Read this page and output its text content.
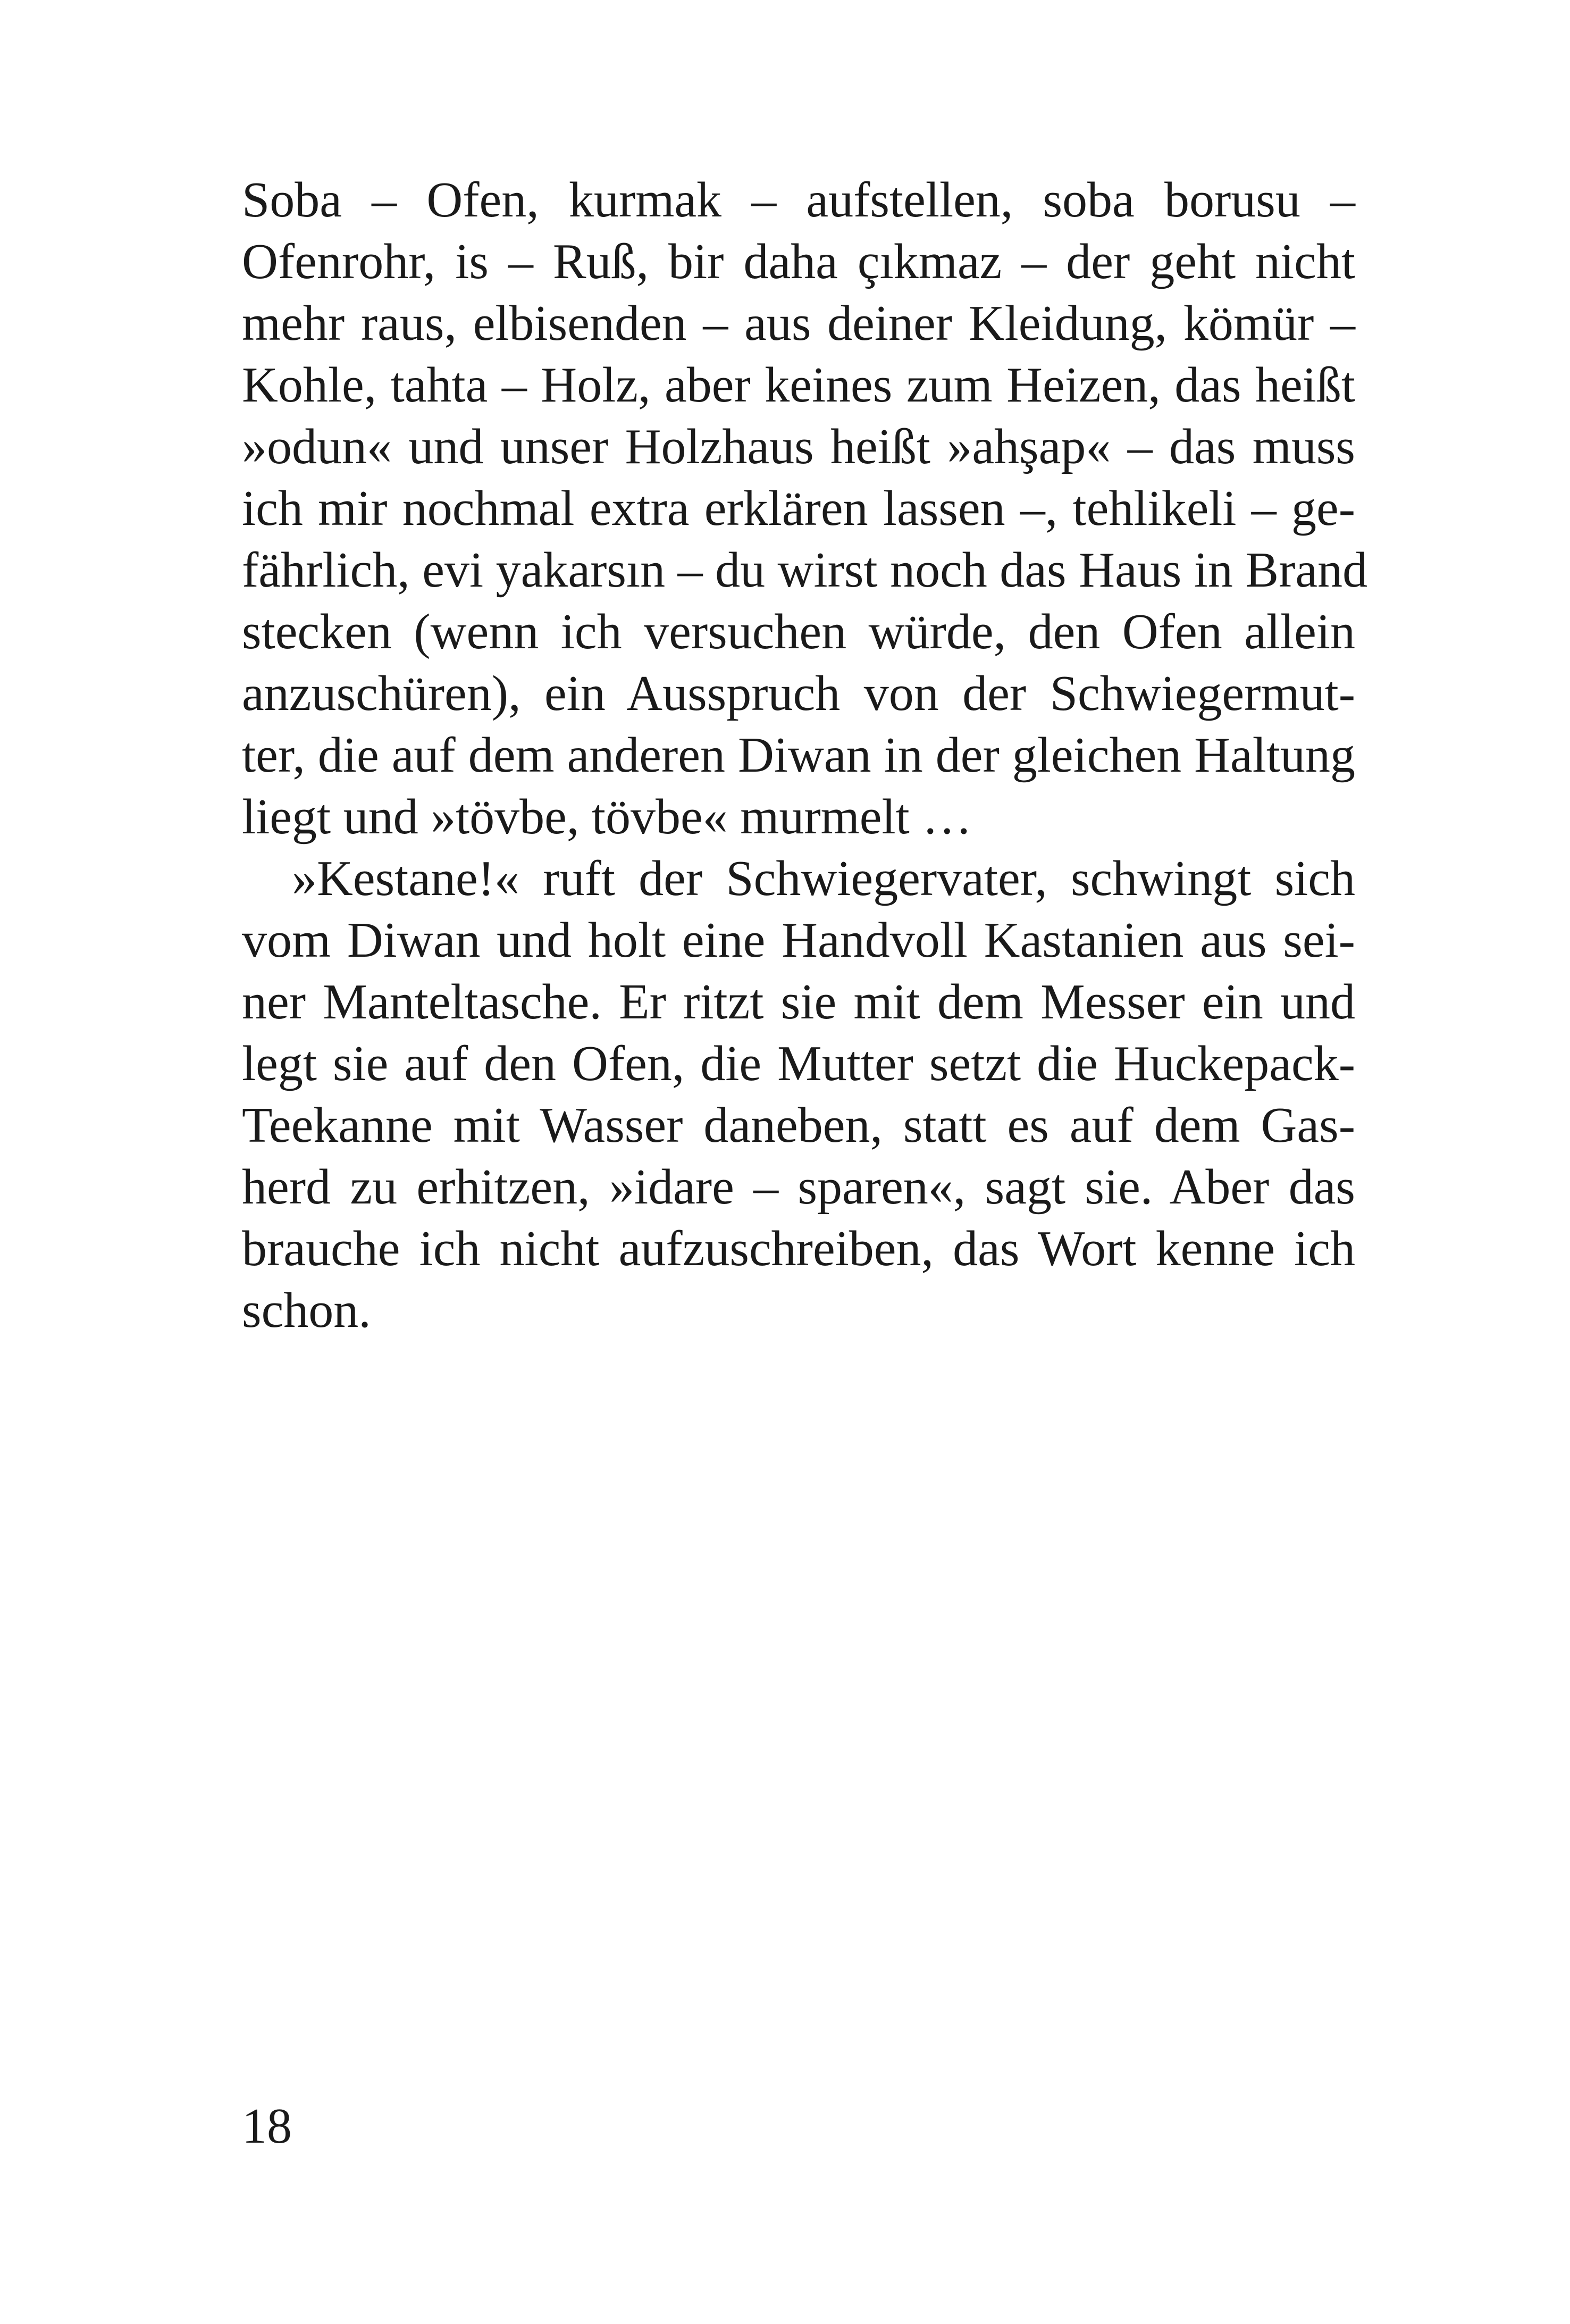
Soba – Ofen, kurmak – aufstellen, soba borusu –
Ofenrohr, is – Ruß, bir daha çıkmaz – der geht nicht
mehr raus, elbisenden – aus deiner Kleidung, kömür –
Kohle, tahta – Holz, aber keines zum Heizen, das heißt
»odun« und unser Holzhaus heißt »ahşap« – das muss
ich mir nochmal extra erklären lassen –, tehlikeli – ge-
fährlich, evi yakarsın – du wirst noch das Haus in Brand
stecken (wenn ich versuchen würde, den Ofen allein
anzuschüren), ein Ausspruch von der Schwiegermut-
ter, die auf dem anderen Diwan in der gleichen Haltung
liegt und »tövbe, tövbe« murmelt …
»Kestane!« ruft der Schwiegervater, schwingt sich
vom Diwan und holt eine Handvoll Kastanien aus sei-
ner Manteltasche. Er ritzt sie mit dem Messer ein und
legt sie auf den Ofen, die Mutter setzt die Huckepack-
Teekanne mit Wasser daneben, statt es auf dem Gas-
herd zu erhitzen, »idare – sparen«, sagt sie. Aber das
brauche ich nicht aufzuschreiben, das Wort kenne ich
schon.
18
